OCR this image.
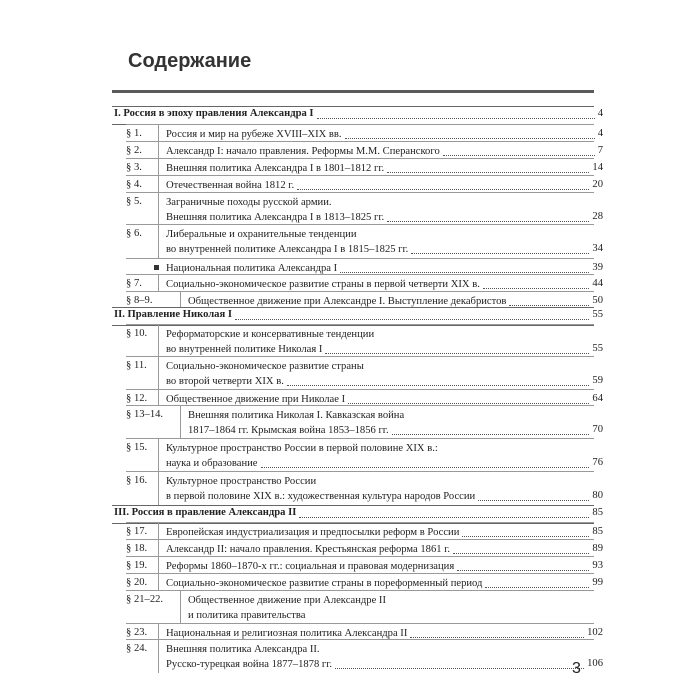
Содержание
I. Россия в эпоху правления Александра I	4
§ 1. Россия и мир на рубеже XVIII–XIX вв.	4
§ 2. Александр I: начало правления. Реформы М.М. Сперанского	7
§ 3. Внешняя политика Александра I в 1801–1812 гг.	14
§ 4. Отечественная война 1812 г.	20
§ 5. Заграничные походы русской армии.
Внешняя политика Александра I в 1813–1825 гг.	28
§ 6. Либеральные и охранительные тенденции
во внутренней политике Александра I в 1815–1825 гг.	34
Национальная политика Александра I	39
§ 7. Социально-экономическое развитие страны в первой четверти XIX в.	44
§ 8–9.	Общественное движение при Александре I. Выступление декабристов	50
II. Правление Николая I	55
§ 10. Реформаторские и консервативные тенденции
во внутренней политике Николая I	55
§ 11. Социально-экономическое развитие страны
во второй четверти XIX в.	59
§ 12. Общественное движение при Николае I	64
§ 13–14. Внешняя политика Николая I. Кавказская война
1817–1864 гг. Крымская война 1853–1856 гг.	70
§ 15. Культурное пространство России в первой половине XIX в.:
наука и образование	76
§ 16. Культурное пространство России
в первой половине XIX в.: художественная культура народов России	80
III. Россия в правление Александра II	85
§ 17. Европейская индустриализация и предпосылки реформ в России	85
§ 18. Александр II: начало правления. Крестьянская реформа 1861 г.	89
§ 19. Реформы 1860–1870-х гг.: социальная и правовая модернизация	93
§ 20. Социально-экономическое развитие страны в пореформенный период	99
§ 21–22. Общественное движение при Александре II
и политика правительства
§ 23. Национальная и религиозная политика Александра II	102
§ 24. Внешняя политика Александра II.
Русско-турецкая война 1877–1878 гг.	106
3
